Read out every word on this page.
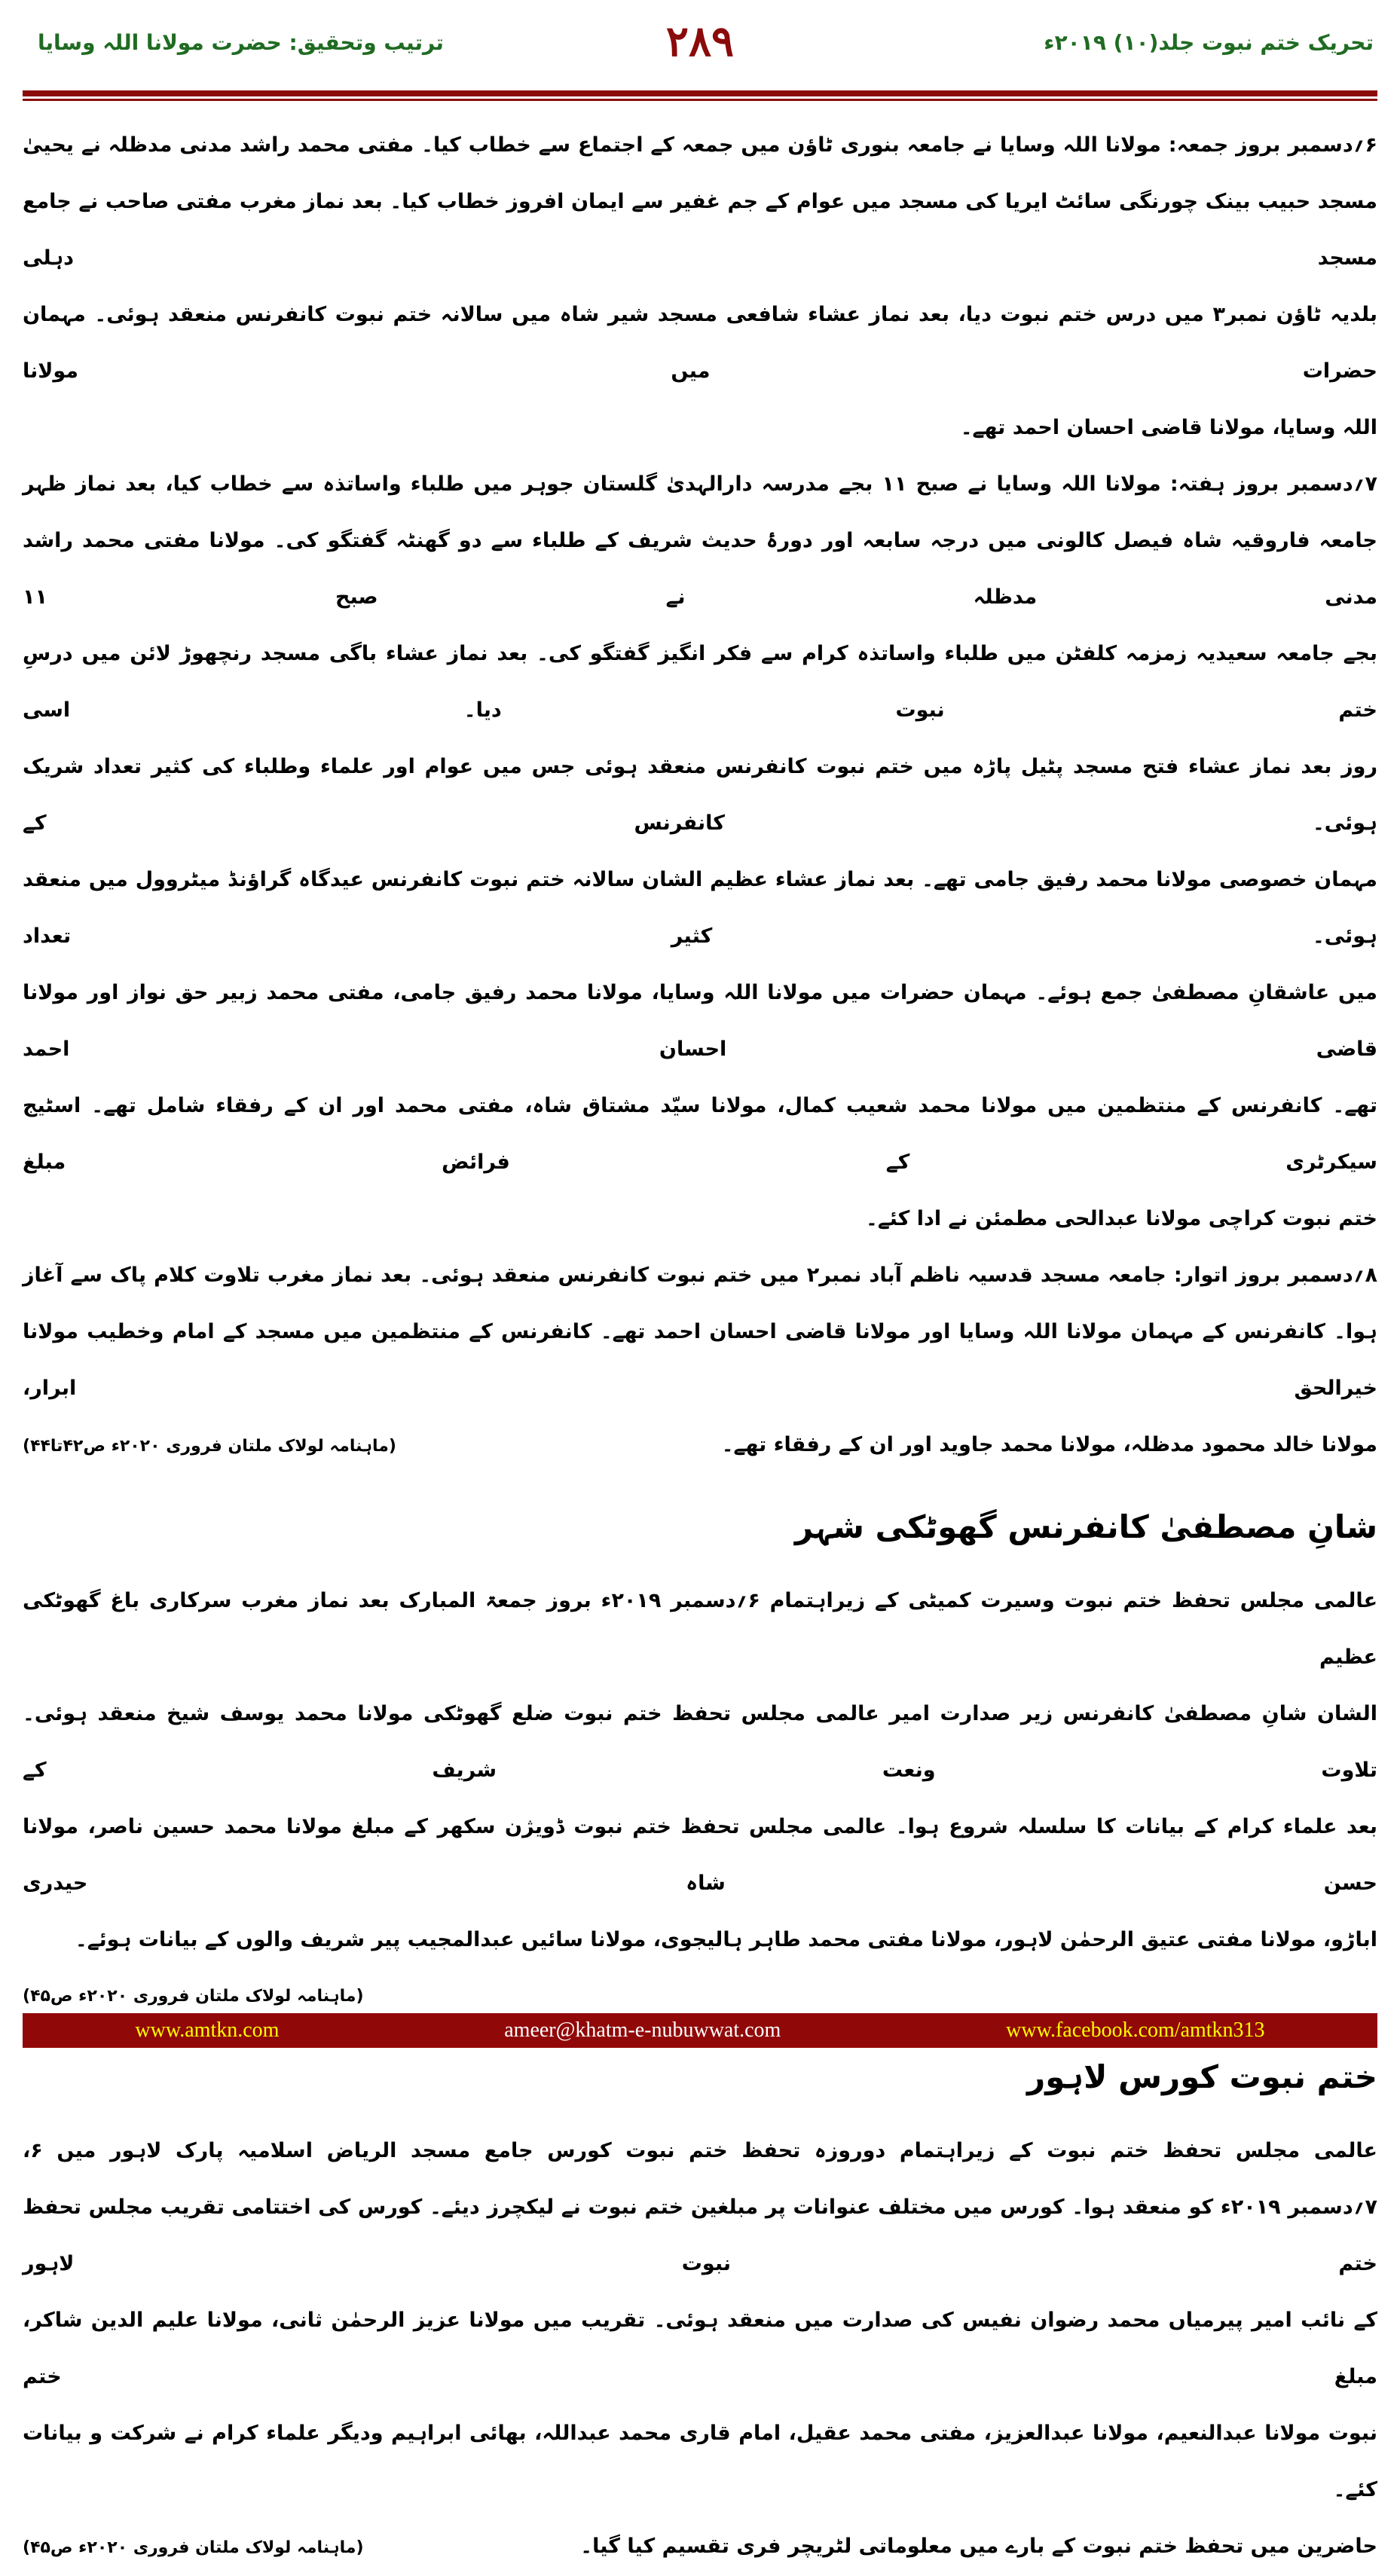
تحریک ختم نبوت جلد(۱۰) ۲۰۱۹ء
۲۸۹
ترتیب وتحقیق: حضرت مولانا اللہ وسایا
۶؍دسمبر بروز جمعہ: مولانا اللہ وسایا نے جامعہ بنوری ٹاؤن میں جمعہ کے اجتماع سے خطاب کیا۔ مفتی محمد راشد مدنی مدظلہ نے یحییٰ
مسجد حبیب بینک چورنگی سائٹ ایریا کی مسجد میں عوام کے جم غفیر سے ایمان افروز خطاب کیا۔ بعد نماز مغرب مفتی صاحب نے جامع مسجد دہلی
بلدیہ ٹاؤن نمبر۳ میں درس ختم نبوت دیا، بعد نماز عشاء شافعی مسجد شیر شاہ میں سالانہ ختم نبوت کانفرنس منعقد ہوئی۔ مہمان حضرات میں مولانا
اللہ وسایا، مولانا قاضی احسان احمد تھے۔
۷؍دسمبر بروز ہفتہ: مولانا اللہ وسایا نے صبح ۱۱ بجے مدرسہ دارالہدیٰ گلستان جوہر میں طلباء واساتذہ سے خطاب کیا، بعد نماز ظہر
جامعہ فاروقیہ شاہ فیصل کالونی میں درجہ سابعہ اور دورۂ حدیث شریف کے طلباء سے دو گھنٹہ گفتگو کی۔ مولانا مفتی محمد راشد مدنی مدظلہ نے صبح ۱۱
بجے جامعہ سعیدیہ زمزمہ کلفٹن میں طلباء واساتذہ کرام سے فکر انگیز گفتگو کی۔ بعد نماز عشاء باگی مسجد رنچھوڑ لائن میں درسِ ختم نبوت دیا۔ اسی
روز بعد نماز عشاء فتح مسجد پٹیل پاڑہ میں ختم نبوت کانفرنس منعقد ہوئی جس میں عوام اور علماء وطلباء کی کثیر تعداد شریک ہوئی۔ کانفرنس کے
مہمان خصوصی مولانا محمد رفیق جامی تھے۔ بعد نماز عشاء عظیم الشان سالانہ ختم نبوت کانفرنس عیدگاہ گراؤنڈ میٹروول میں منعقد ہوئی۔ کثیر تعداد
میں عاشقانِ مصطفیٰ جمع ہوئے۔ مہمان حضرات میں مولانا اللہ وسایا، مولانا محمد رفیق جامی، مفتی محمد زبیر حق نواز اور مولانا قاضی احسان احمد
تھے۔ کانفرنس کے منتظمین میں مولانا محمد شعیب کمال، مولانا سیّد مشتاق شاہ، مفتی محمد اور ان کے رفقاء شامل تھے۔ اسٹیج سیکرٹری کے فرائض مبلغ
ختم نبوت کراچی مولانا عبدالحی مطمئن نے ادا کئے۔
۸؍دسمبر بروز اتوار: جامعہ مسجد قدسیہ ناظم آباد نمبر۲ میں ختم نبوت کانفرنس منعقد ہوئی۔ بعد نماز مغرب تلاوت کلام پاک سے آغاز
ہوا۔ کانفرنس کے مہمان مولانا اللہ وسایا اور مولانا قاضی احسان احمد تھے۔ کانفرنس کے منتظمین میں مسجد کے امام وخطیب مولانا خیرالحق ابرار،
مولانا خالد محمود مدظلہ، مولانا محمد جاوید اور ان کے رفقاء تھے۔
(ماہنامہ لولاک ملتان فروری ۲۰۲۰ء ص۴۲تا۴۴)
شانِ مصطفیٰ کانفرنس گھوٹکی شہر
عالمی مجلس تحفظ ختم نبوت وسیرت کمیٹی کے زیراہتمام ۶؍دسمبر ۲۰۱۹ء بروز جمعۃ المبارک بعد نماز مغرب سرکاری باغ گھوٹکی عظیم
الشان شانِ مصطفیٰ کانفرنس زیر صدارت امیر عالمی مجلس تحفظ ختم نبوت ضلع گھوٹکی مولانا محمد یوسف شیخ منعقد ہوئی۔ تلاوت ونعت شریف کے
بعد علماء کرام کے بیانات کا سلسلہ شروع ہوا۔ عالمی مجلس تحفظ ختم نبوت ڈویژن سکھر کے مبلغ مولانا محمد حسین ناصر، مولانا حسن شاہ حیدری
اباڑو، مولانا مفتی عتیق الرحمٰن لاہور، مولانا مفتی محمد طاہر ہالیجوی، مولانا سائیں عبدالمجیب پیر شریف والوں کے بیانات ہوئے۔
(ماہنامہ لولاک ملتان فروری ۲۰۲۰ء ص۴۵)
ختم نبوت کورس لاہور
عالمی مجلس تحفظ ختم نبوت کے زیراہتمام دوروزہ تحفظ ختم نبوت کورس جامع مسجد الریاض اسلامیہ پارک لاہور میں ۶،
۷؍دسمبر ۲۰۱۹ء کو منعقد ہوا۔ کورس میں مختلف عنوانات پر مبلغین ختم نبوت نے لیکچرز دیئے۔ کورس کی اختتامی تقریب مجلس تحفظ ختم نبوت لاہور
کے نائب امیر پیرمیاں محمد رضوان نفیس کی صدارت میں منعقد ہوئی۔ تقریب میں مولانا عزیز الرحمٰن ثانی، مولانا علیم الدین شاکر، مبلغ ختم
نبوت مولانا عبدالنعیم، مولانا عبدالعزیز، مفتی محمد عقیل، امام قاری محمد عبداللہ، بھائی ابراہیم ودیگر علماء کرام نے شرکت و بیانات کئے۔
حاضرین میں تحفظ ختم نبوت کے بارے میں معلوماتی لٹریچر فری تقسیم کیا گیا۔
(ماہنامہ لولاک ملتان فروری ۲۰۲۰ء ص۴۵)
www.amtkn.com	ameer@khatm-e-nubuwwat.com	www.facebook.com/amtkn313
